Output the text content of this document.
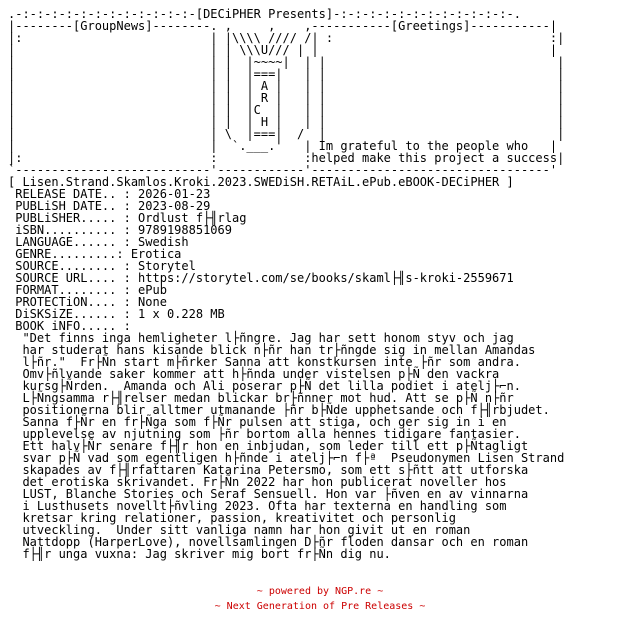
.-:-:-:-:-:-:-:-:-:-:-:-:-[DECiPHER Presents]-:-:-:-:-:-:-:-:-:-:-:-:-.
|--------[GroupNews]--------. ,     ,    ,-----------[Greetings]-----------|
|:                          | |\\\\ //// /| :                              :|
|                           | | \\\U/// | |                                |
|                           | |  |~~~~|  | |                                |
|                           | |  |===|   | |                                |
|                           | |  | A |   | |                                |
|                           | |  | R |   | |                                |
|                           | |  |C  |   | |                                |
|                           | |  | H |   | |                                |
|                           | \  |===|  /  |                                |
|                           |  `.___.'   | Im grateful to the people who   |
|:                          :            :helped make this project a success|
`---------------------------'------------'---------------------------------'
[ Lisen.Strand.Skamlos.Kroki.2023.SWEDiSH.RETAiL.ePub.eBOOK-DECiPHER ]
RELEASE DATE.. : 2026-01-23
PUBLiSH DATE.. : 2023-08-29
PUBLiSHER..... : Ordlust f├╢rlag
iSBN.......... : 9789198851069
LANGUAGE...... : Swedish
GENRE.........: Erotica
SOURCE........ : Storytel
SOURCE URL.... : https://storytel.com/se/books/skaml├╢s-kroki-2559671
FORMAT........ : ePub
PROTECTiON.... : None
DiSKSiZE...... : 1 x 0.228 MB
BOOK iNFO..... :
"Det finns inga hemligheter l├ñngre. Jag har sett honom styv och jag
har studerat hans kisande blick n├ñr han tr├ñngde sig in mellan Amandas
l├ñr."  Fr├Ñn start m├ñrker Sanna att konstkursen inte ├ñr som andra.
Omv├ñlvande saker kommer att h├ñnda under vistelsen p├Ñ den vackra
kursg├Ñrden.  Amanda och Ali poserar p├Ñ det lilla podiet i atelj├⌐n.
L├Ñngsamma r├╢relser medan blickar br├ñnner mot hud. Att se p├Ñ n├ñr
positionerna blir alltmer utmanande ├ñr b├Ñde upphetsande och f├╢rbjudet.
Sanna f├Ñr en fr├Ñga som f├Ñr pulsen att stiga, och ger sig in i en
upplevelse av njutning som ├ñr bortom alla hennes tidigare fantasier.
Ett halv├Ñr senare f├╢r hon en inbjudan, som leder till ett p├Ñtagligt
svar p├Ñ vad som egentligen h├ñnde i atelj├⌐n f├ª  Pseudonymen Lisen Strand
skapades av f├╢rfattaren Katarina Petersmo, som ett s├ñtt att utforska
det erotiska skrivandet. Fr├Ñn 2022 har hon publicerat noveller hos
LUST, Blanche Stories och Seraf Sensuell. Hon var ├ñven en av vinnarna
i Lusthusets novellt├ñvling 2023. Ofta har texterna en handling som
kretsar kring relationer, passion, kreativitet och personlig
utveckling.  Under sitt vanliga namn har hon givit ut en roman
Nattdopp (HarperLove), novellsamlingen D├ñr floden dansar och en roman
f├╢r unga vuxna: Jag skriver mig bort fr├Ñn dig nu.

~ powered by NGP.re ~
~ Next Generation of Pre Releases ~
